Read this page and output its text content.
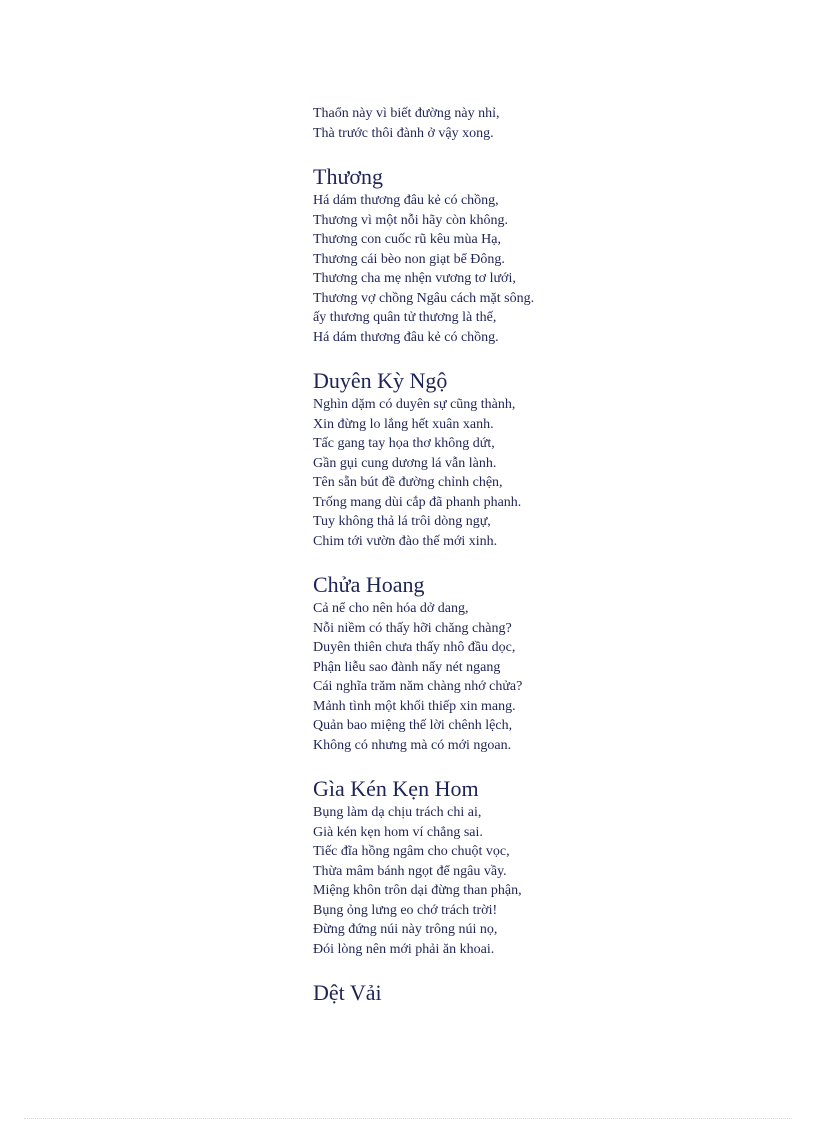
Thaổn này vì biết đường này nhỉ,

Thà trước thôi đành ở vậy xong.

Thương

Há dám thương đâu kẻ có chồng,

Thương vì một nỗi hãy còn không.

Thương con cuốc rũ kêu mùa Hạ,

Thương cái bèo non giạt bể Đông.

Thương cha mẹ nhện vương tơ lưới,

Thương vợ chồng Ngâu cách mặt sông.

ấy thương quân tử thương là thế,

Há dám thương đâu kẻ có chồng.

Duyên Kỳ Ngộ

Nghìn dặm có duyên sự cũng thành,

Xin đừng lo lắng hết xuân xanh.

Tấc gang tay họa thơ không dứt,

Gần gụi cung dương lá vẫn lành.

Tên sẵn bút đề đường chỉnh chện,

Trống mang dùi cắp đã phanh phanh.

Tuy không thả lá trôi dòng ngự,

Chim tới vườn đào thế mới xinh.

Chửa Hoang

Cả nể cho nên hóa dở dang,

Nỗi niềm có thấy hỡi chăng chàng?

Duyên thiên chưa thấy nhô đầu dọc,

Phận liễu sao đành nẩy nét ngang

Cái nghĩa trăm năm chàng nhớ chửa?

Mảnh tình một khối thiếp xin mang.

Quản bao miệng thế lời chênh lệch,

Không có nhưng mà có mới ngoan.

Gìa Kén Kẹn Hom

Bụng làm dạ chịu trách chi ai,

Già kén kẹn hom ví chẳng sai.

Tiếc đĩa hồng ngâm cho chuột vọc,

Thừa mâm bánh ngọt để ngâu vầy.

Miệng khôn trôn dại đừng than phận,

Bụng ỏng lưng eo chớ trách trời!

Đừng đứng núi này trông núi nọ,

Đói lòng nên mới phải ăn khoai.

Dệt Vải
